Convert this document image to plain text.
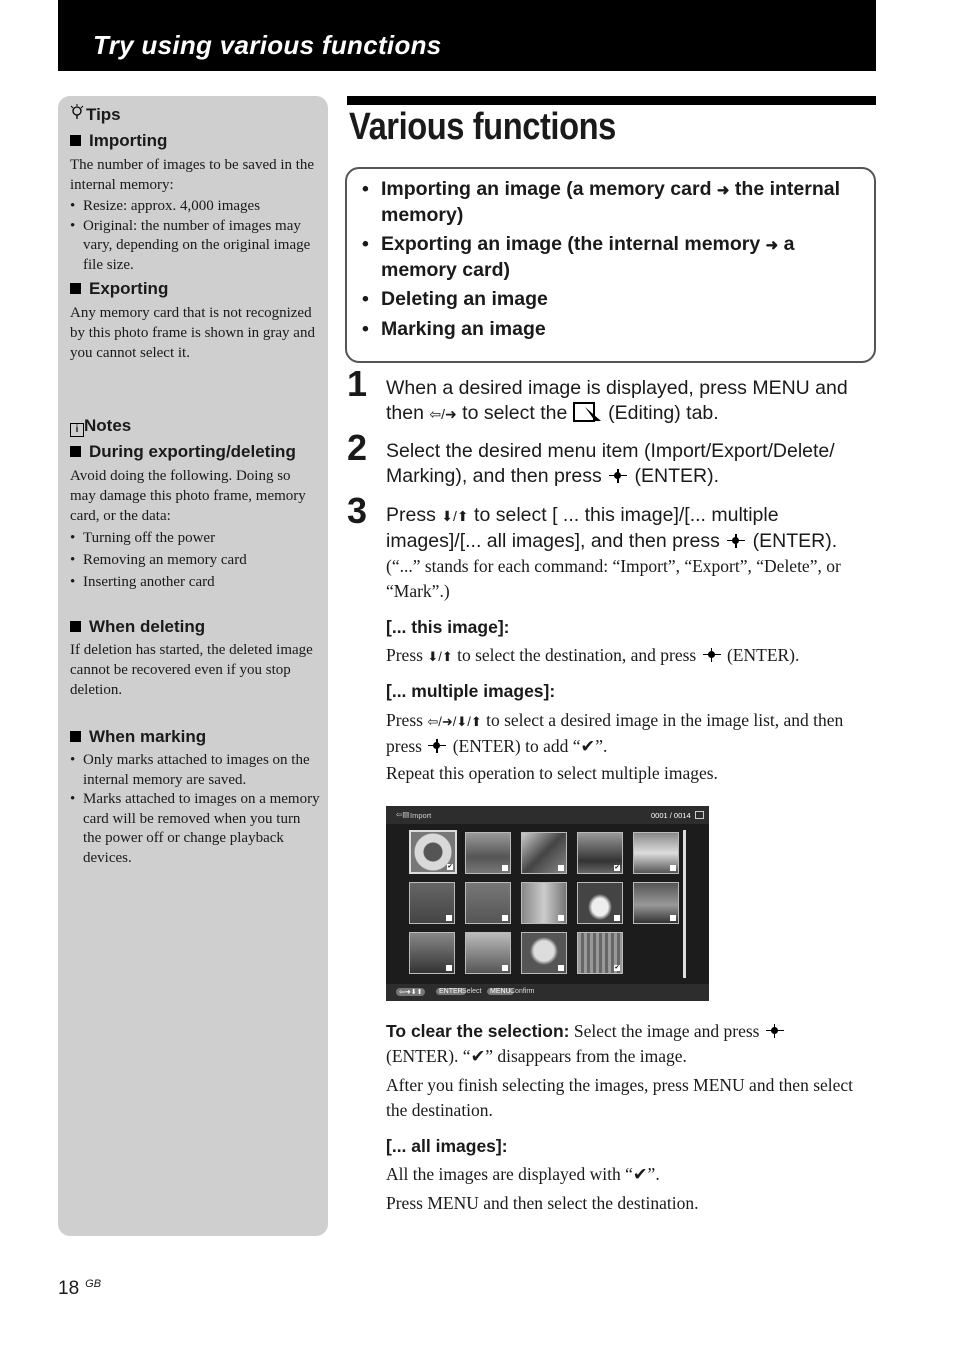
Try using various functions
Tips
Importing
The number of images to be saved in the internal memory:
• Resize: approx. 4,000 images
• Original: the number of images may vary, depending on the original image file size.
Exporting
Any memory card that is not recognized by this photo frame is shown in gray and you cannot select it.
i Notes
During exporting/deleting
Avoid doing the following. Doing so may damage this photo frame, memory card, or the data:
• Turning off the power
• Removing an memory card
• Inserting another card
When deleting
If deletion has started, the deleted image cannot be recovered even if you stop deletion.
When marking
• Only marks attached to images on the internal memory are saved.
• Marks attached to images on a memory card will be removed when you turn the power off or change playback devices.
Various functions
• Importing an image (a memory card ➜ the internal memory)
• Exporting an image (the internal memory ➜ a memory card)
• Deleting an image
• Marking an image
1 When a desired image is displayed, press MENU and then ⇦/➜ to select the  (Editing) tab.
2 Select the desired menu item (Import/Export/Delete/ Marking), and then press
(ENTER).
3 Press ⬇/⬆ to select [ ... this image]/[... multiple images]/[... all images], and then press
(ENTER).
(“...” stands for each command: “Import”, “Export”, “Delete”, or “Mark”.)
[... this image]:
Press ⬇/⬆ to select the destination, and press
(ENTER).
[... multiple images]:
Press ⇦/➜/⬇/⬆ to select a desired image in the image list, and then press
(ENTER) to add “✔”.
Repeat this operation to select multiple images.
⇦▤ Import	0001 / 0014
✔	✔
✔
⇦➜⬇⬆	ENTER Select	MENU Confirm
To clear the selection: Select the image and press

(ENTER). “✔” disappears from the image.
After you finish selecting the images, press MENU and then select the destination.
[... all images]:
All the images are displayed with “✔”.
Press MENU and then select the destination.
18 $^{GB}$
